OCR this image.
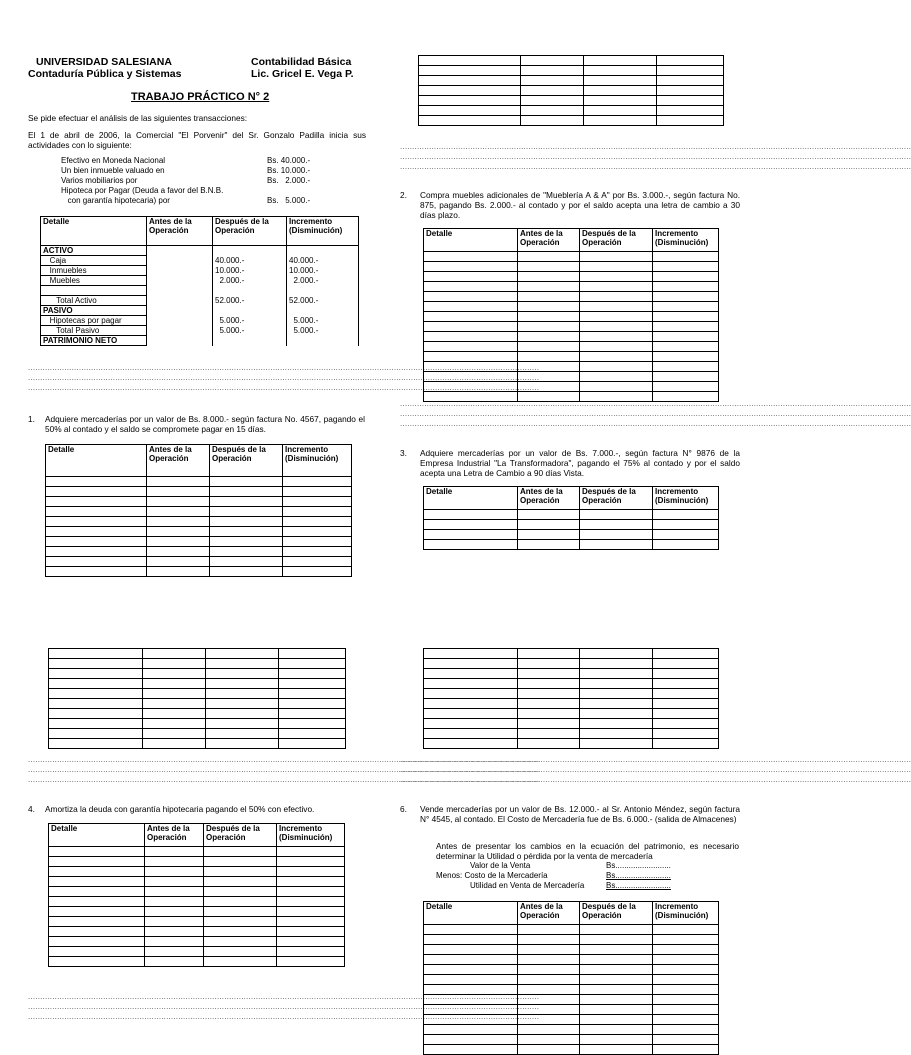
UNIVERSIDAD SALESIANA
Contaduría Pública y Sistemas
Contabilidad Básica
Lic. Gricel E. Vega P.
TRABAJO PRÁCTICO N° 2
Se pide efectuar el análisis de las siguientes transacciones:
El 1 de abril de 2006, la Comercial "El Porvenir" del Sr. Gonzalo Padilla inicia sus actividades con lo siguiente:
Efectivo en Moneda Nacional	Bs. 40.000.-
Un bien inmueble valuado en	Bs. 10.000.-
Varios mobiliarios por	Bs.   2.000.-
Hipoteca por Pagar (Deuda a favor del B.N.B.
con garantía hipotecaria) por	Bs.   5.000.-
Detalle	Antes de la Operación	Después de la Operación	Incremento (Disminución)
ACTIVO			
Caja		40.000.-	40.000.-
Inmuebles		10.000.-	10.000.-
Muebles		2.000.-	2.000.-

Total Activo		52.000.-	52.000.-
PASIVO			
Hipotecas por pagar		5.000.-	5.000.-
Total Pasivo		5.000.-	5.000.-
PATRIMONIO NETO			
...................................................................................................................................................................................................................
...................................................................................................................................................................................................................
...................................................................................................................................................................................................................
1. Adquiere mercaderías por un valor de Bs. 8.000.- según factura No. 4567, pagando el 50% al contado y el saldo se compromete pagar en 15 días.
Detalle	Antes de la Operación	Después de la Operación	Incremento (Disminución)

...................................................................................................................................................................................................................
...................................................................................................................................................................................................................
...................................................................................................................................................................................................................
4. Amortiza la deuda con garantía hipotecaria pagando el 50% con efectivo.
Detalle	Antes de la Operación	Después de la Operación	Incremento (Disminución)

...................................................................................................................................................................................................................
...................................................................................................................................................................................................................
...................................................................................................................................................................................................................

...................................................................................................................................................................................................................
...................................................................................................................................................................................................................
...................................................................................................................................................................................................................
2. Compra muebles adicionales de "Mueblería A & A" por Bs. 3.000.-, según factura No. 875, pagando Bs. 2.000.- al contado y por el saldo acepta una letra de cambio a 30 días plazo.
Detalle	Antes de la Operación	Después de la Operación	Incremento (Disminución)

...................................................................................................................................................................................................................
...................................................................................................................................................................................................................
...................................................................................................................................................................................................................
3. Adquiere mercaderías por un valor de Bs. 7.000.-, según factura N° 9876 de la Empresa Industrial "La Transformadora", pagando el 75% al contado y por el saldo acepta una Letra de Cambio a 90 días Vista.
Detalle	Antes de la Operación	Después de la Operación	Incremento (Disminución)

...................................................................................................................................................................................................................
...................................................................................................................................................................................................................
...................................................................................................................................................................................................................
6. Vende mercaderías por un valor de Bs. 12.000.- al Sr. Antonio Méndez, según factura N° 4545, al contado. El Costo de Mercadería fue de Bs. 6.000.- (salida de Almacenes)
Antes de presentar los cambios en la ecuación del patrimonio, es necesario determinar la Utilidad o pérdida por la venta de mercadería
Valor de la Venta	Bs.........................
Menos: Costo de la Mercadería	Bs.........................
Utilidad en Venta de Mercadería	Bs.........................
Detalle	Antes de la Operación	Después de la Operación	Incremento (Disminución)
